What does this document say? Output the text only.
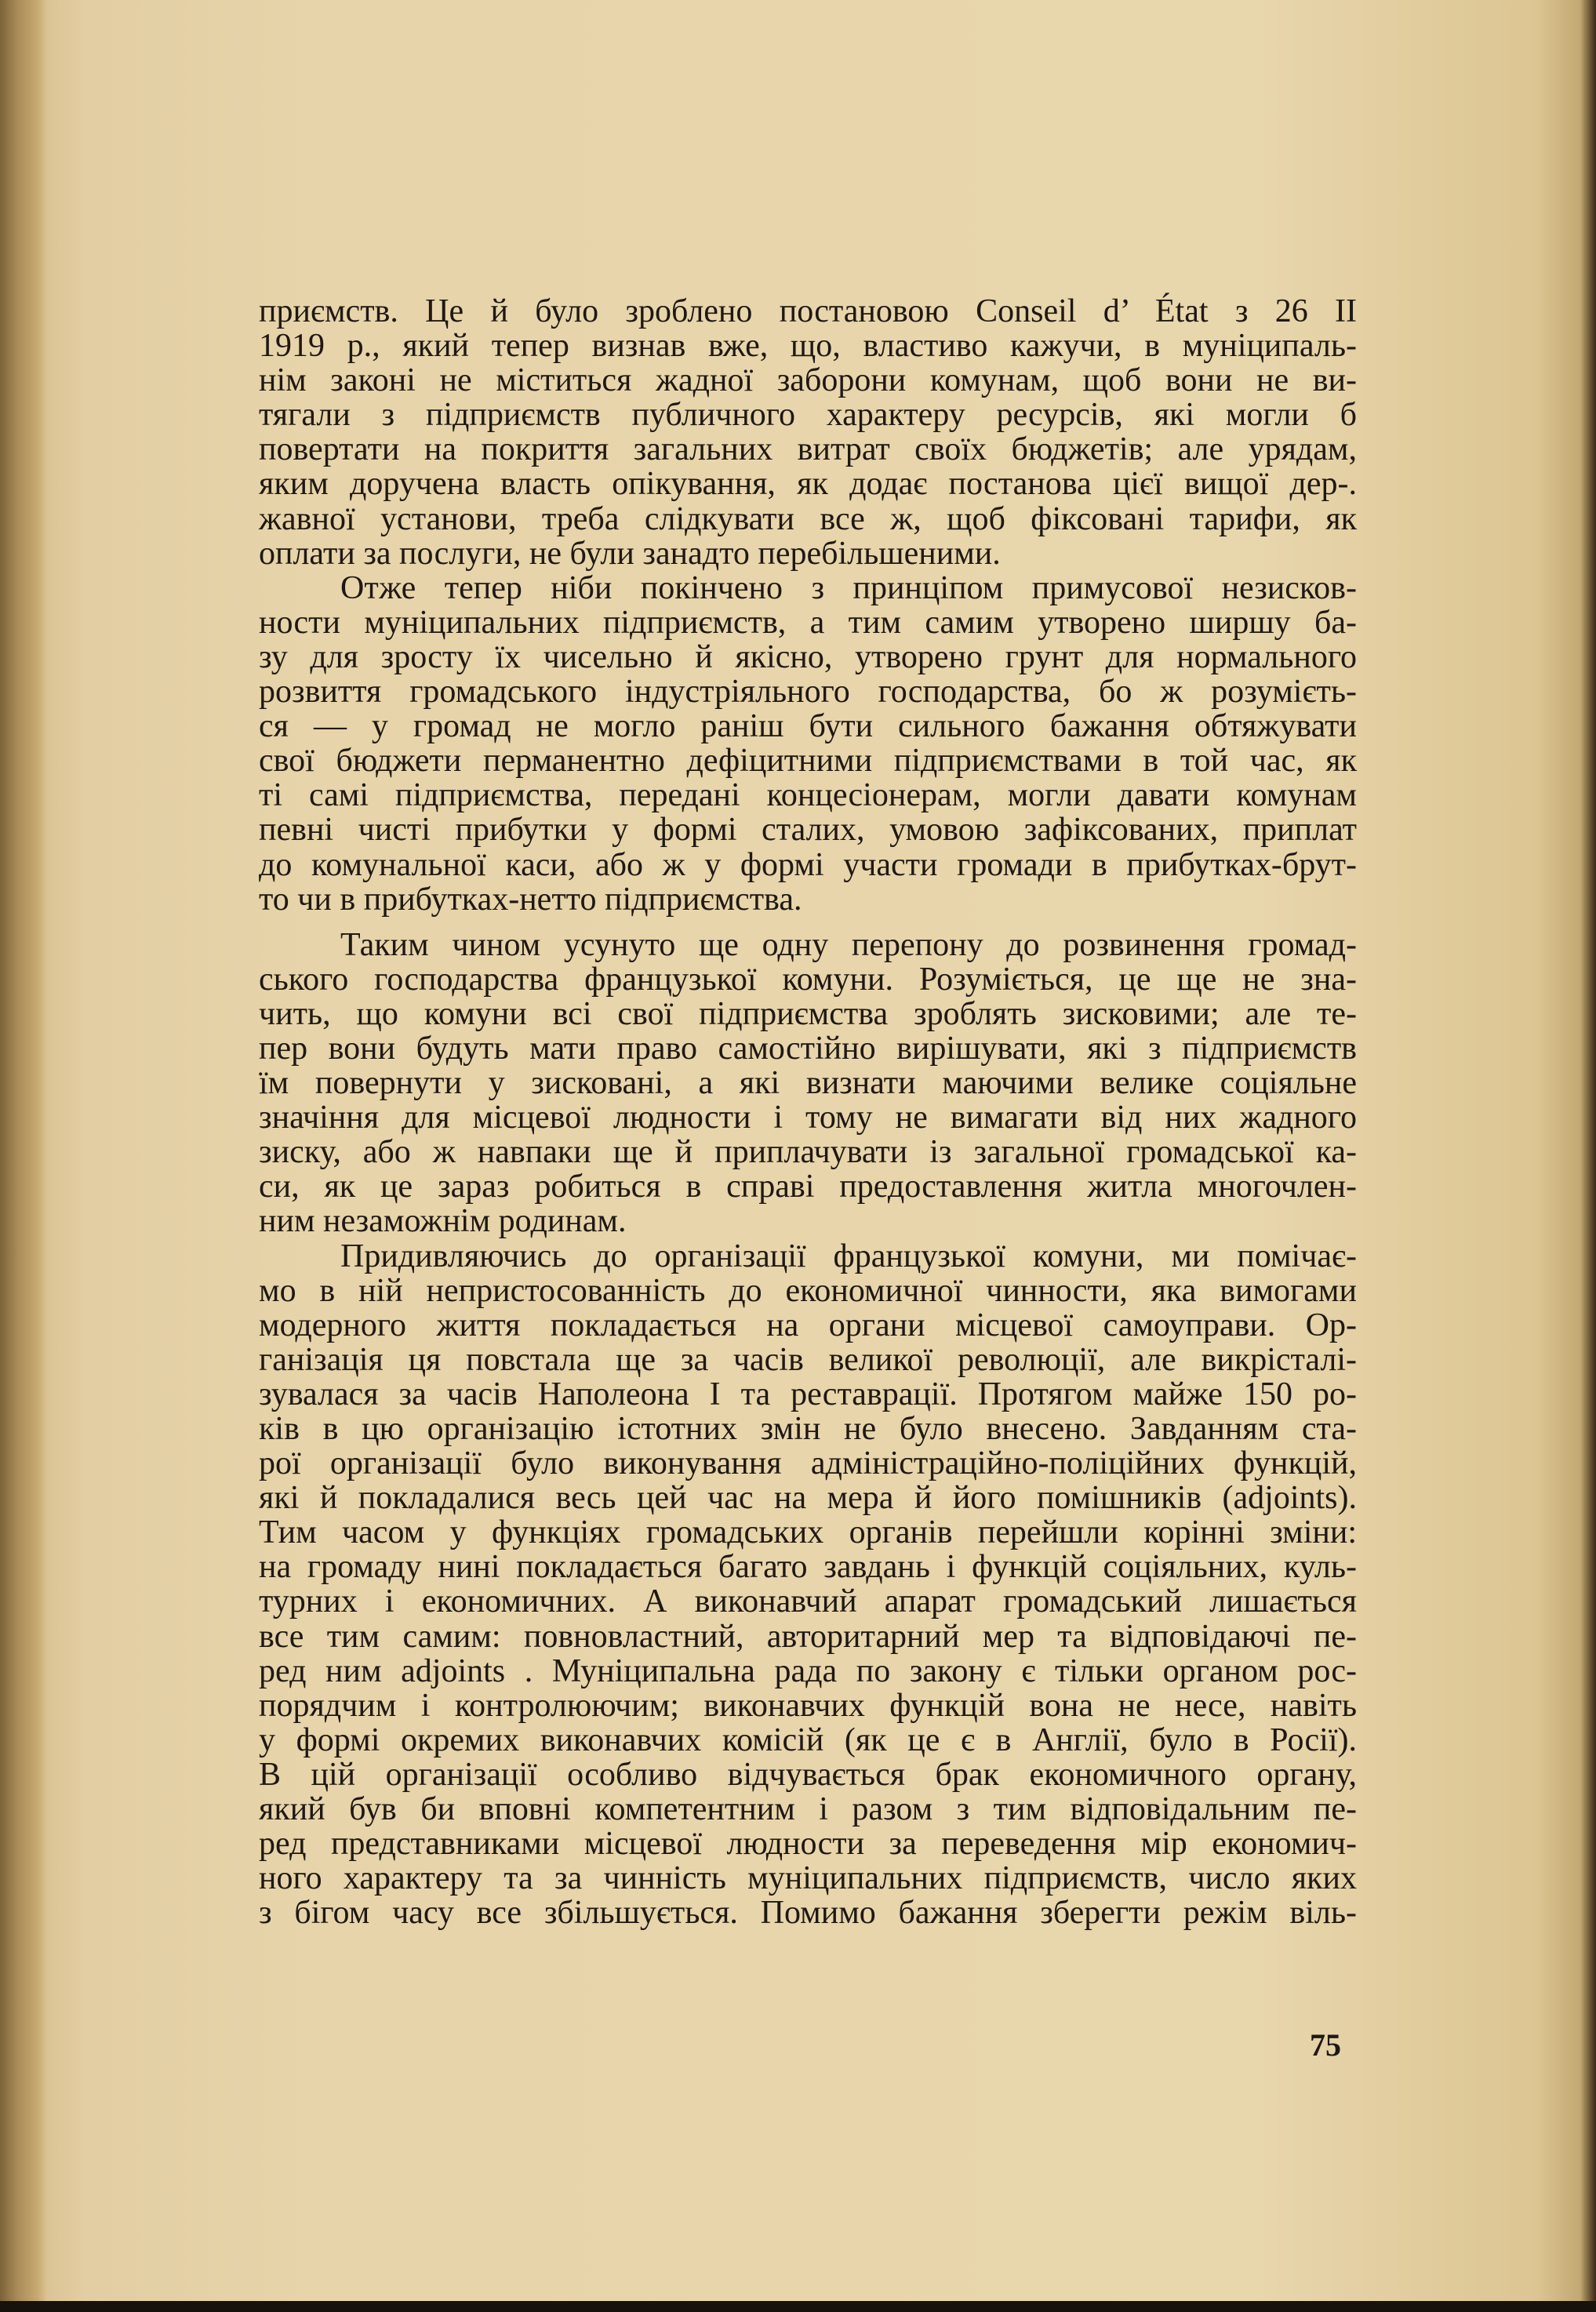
приємств. Це й було зроблено постановою Conseil d’ État з 26 ІІ
1919 р., який тепер визнав вже, що, властиво кажучи, в муніципаль-
нім законі не міститься жадної заборони комунам, щоб вони не ви-
тягали з підприємств публичного характеру ресурсів, які могли б
повертати на покриття загальних витрат своїх бюджетів; але урядам,
яким доручена власть опікування, як додає постанова цієї вищої дер-.
жавної установи, треба слідкувати все ж, щоб фіксовані тарифи, як
оплати за послуги, не були занадто перебільшеними.
Отже тепер ніби покінчено з принціпом примусової незисков-
ности муніципальних підприємств, а тим самим утворено ширшу ба-
зу для зросту їх чисельно й якісно, утворено грунт для нормального
розвиття громадського індустріяльного господарства, бо ж розумієть-
ся — у громад не могло раніш бути сильного бажання обтяжувати
свої бюджети перманентно дефіцитними підприємствами в той час, як
ті самі підприємства, передані концесіонерам, могли давати комунам
певні чисті прибутки у формі сталих, умовою зафіксованих, приплат
до комунальної каси, або ж у формі участи громади в прибутках-брут-
то чи в прибутках-нетто підприємства.
Таким чином усунуто ще одну перепону до розвинення громад-
ського господарства французької комуни. Розуміється, це ще не зна-
чить, що комуни всі свої підприємства зроблять зисковими; але те-
пер вони будуть мати право самостійно вирішувати, які з підприємств
їм повернути у зисковані, а які визнати маючими велике соціяльне
значіння для місцевої людности і тому не вимагати від них жадного
зиску, або ж навпаки ще й приплачувати із загальної громадської ка-
си, як це зараз робиться в справі предоставлення житла многочлен-
ним незаможнім родинам.
Придивляючись до організації французької комуни, ми помічає-
мо в ній непристосованність до економичної чинности, яка вимогами
модерного життя покладається на органи місцевої самоуправи. Ор-
ганізація ця повстала ще за часів великої революції, але викрісталі-
зувалася за часів Наполеона І та реставрації. Протягом майже 150 ро-
ків в цю організацію істотних змін не було внесено. Завданням ста-
рої організації було виконування адміністраційно-поліційних функцій,
які й покладалися весь цей час на мера й його помішників (adjoints).
Тим часом у функціях громадських органів перейшли корінні зміни:
на громаду нині покладається багато завдань і функцій соціяльних, куль-
турних і економичних. А виконавчий апарат громадський лишається
все тим самим: повновластний, авторитарний мер та відповідаючі пе-
ред ним adjoints . Муніципальна рада по закону є тільки органом рос-
порядчим і контролюючим; виконавчих функцій вона не несе, навіть
у формі окремих виконавчих комісій (як це є в Англії, було в Росії).
В цій організації особливо відчувається брак економичного органу,
який був би вповні компетентним і разом з тим відповідальним пе-
ред представниками місцевої людности за переведення мір економич-
ного характеру та за чинність муніципальних підприємств, число яких
з бігом часу все збільшується. Помимо бажання зберегти режім віль-
75
